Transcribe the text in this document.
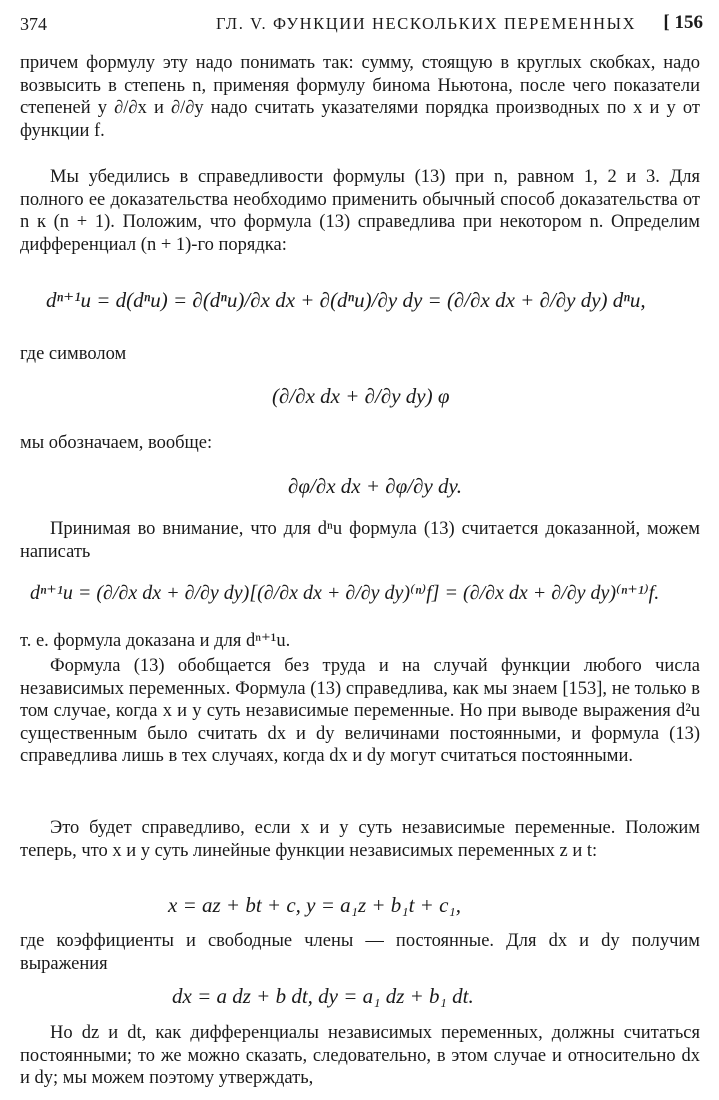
374	ГЛ. V. ФУНКЦИИ НЕСКОЛЬКИХ ПЕРЕМЕННЫХ [ 156
причем формулу эту надо понимать так: сумму, стоящую в круглых скобках, надо возвысить в степень n, применяя формулу бинома Ньютона, после чего показатели степеней у ∂/∂x и ∂/∂y надо считать указателями порядка производных по x и y от функции f.
Мы убедились в справедливости формулы (13) при n, равном 1, 2 и 3. Для полного ее доказательства необходимо применить обычный способ доказательства от n к (n + 1). Положим, что формула (13) справедлива при некотором n. Определим дифференциал (n + 1)-го порядка:
dⁿ⁺¹u = d(dⁿu) = ∂(dⁿu)/∂x dx + ∂(dⁿu)/∂y dy = (∂/∂x dx + ∂/∂y dy) dⁿu,
где символом
(∂/∂x dx + ∂/∂y dy) φ
мы обозначаем, вообще:
∂φ/∂x dx + ∂φ/∂y dy.
Принимая во внимание, что для dⁿu формула (13) считается доказанной, можем написать
dⁿ⁺¹u = (∂/∂x dx + ∂/∂y dy)[(∂/∂x dx + ∂/∂y dy)⁽ⁿ⁾f] = (∂/∂x dx + ∂/∂y dy)⁽ⁿ⁺¹⁾f.
т. е. формула доказана и для dⁿ⁺¹u.
Формула (13) обобщается без труда и на случай функции любого числа независимых переменных. Формула (13) справедлива, как мы знаем [153], не только в том случае, когда x и y суть независимые переменные. Но при выводе выражения d²u существенным было считать dx и dy величинами постоянными, и формула (13) справедлива лишь в тех случаях, когда dx и dy могут считаться постоянными.
Это будет справедливо, если x и y суть независимые переменные. Положим теперь, что x и y суть линейные функции независимых переменных z и t:
x = az + bt + c, y = a₁z + b₁t + c₁,
где коэффициенты и свободные члены — постоянные. Для dx и dy получим выражения
dx = a dz + b dt, dy = a₁ dz + b₁ dt.
Но dz и dt, как дифференциалы независимых переменных, должны считаться постоянными; то же можно сказать, следовательно, в этом случае и относительно dx и dy; мы можем поэтому утверждать,
